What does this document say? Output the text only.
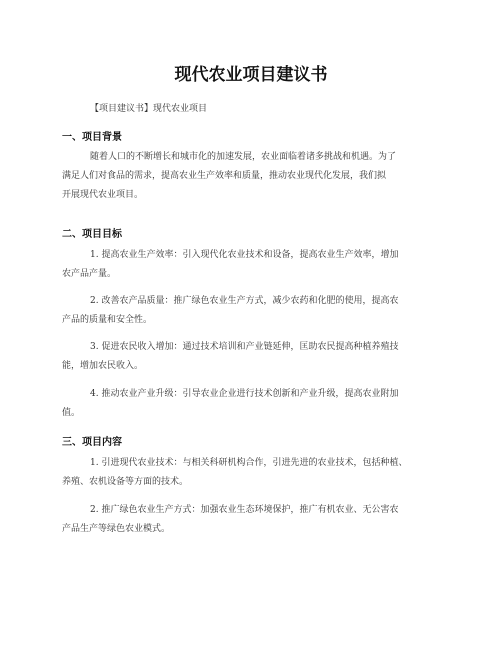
现代农业项目建议书

【项目建议书】现代农业项目

一、项目背景

随着人口的不断增长和城市化的加速发展，农业面临着诸多挑战和机遇。为了
满足人们对食品的需求，提高农业生产效率和质量，推动农业现代化发展，我们拟
开展现代农业项目。

二、项目目标

1. 提高农业生产效率：引入现代化农业技术和设备，提高农业生产效率，增加
农产品产量。

2. 改善农产品质量：推广绿色农业生产方式，减少农药和化肥的使用，提高农
产品的质量和安全性。

3. 促进农民收入增加：通过技术培训和产业链延伸，匡助农民提高种植养殖技
能，增加农民收入。

4. 推动农业产业升级：引导农业企业进行技术创新和产业升级，提高农业附加
值。

三、项目内容

1. 引进现代农业技术：与相关科研机构合作，引进先进的农业技术，包括种植、
养殖、农机设备等方面的技术。

2. 推广绿色农业生产方式：加强农业生态环境保护，推广有机农业、无公害农
产品生产等绿色农业模式。
